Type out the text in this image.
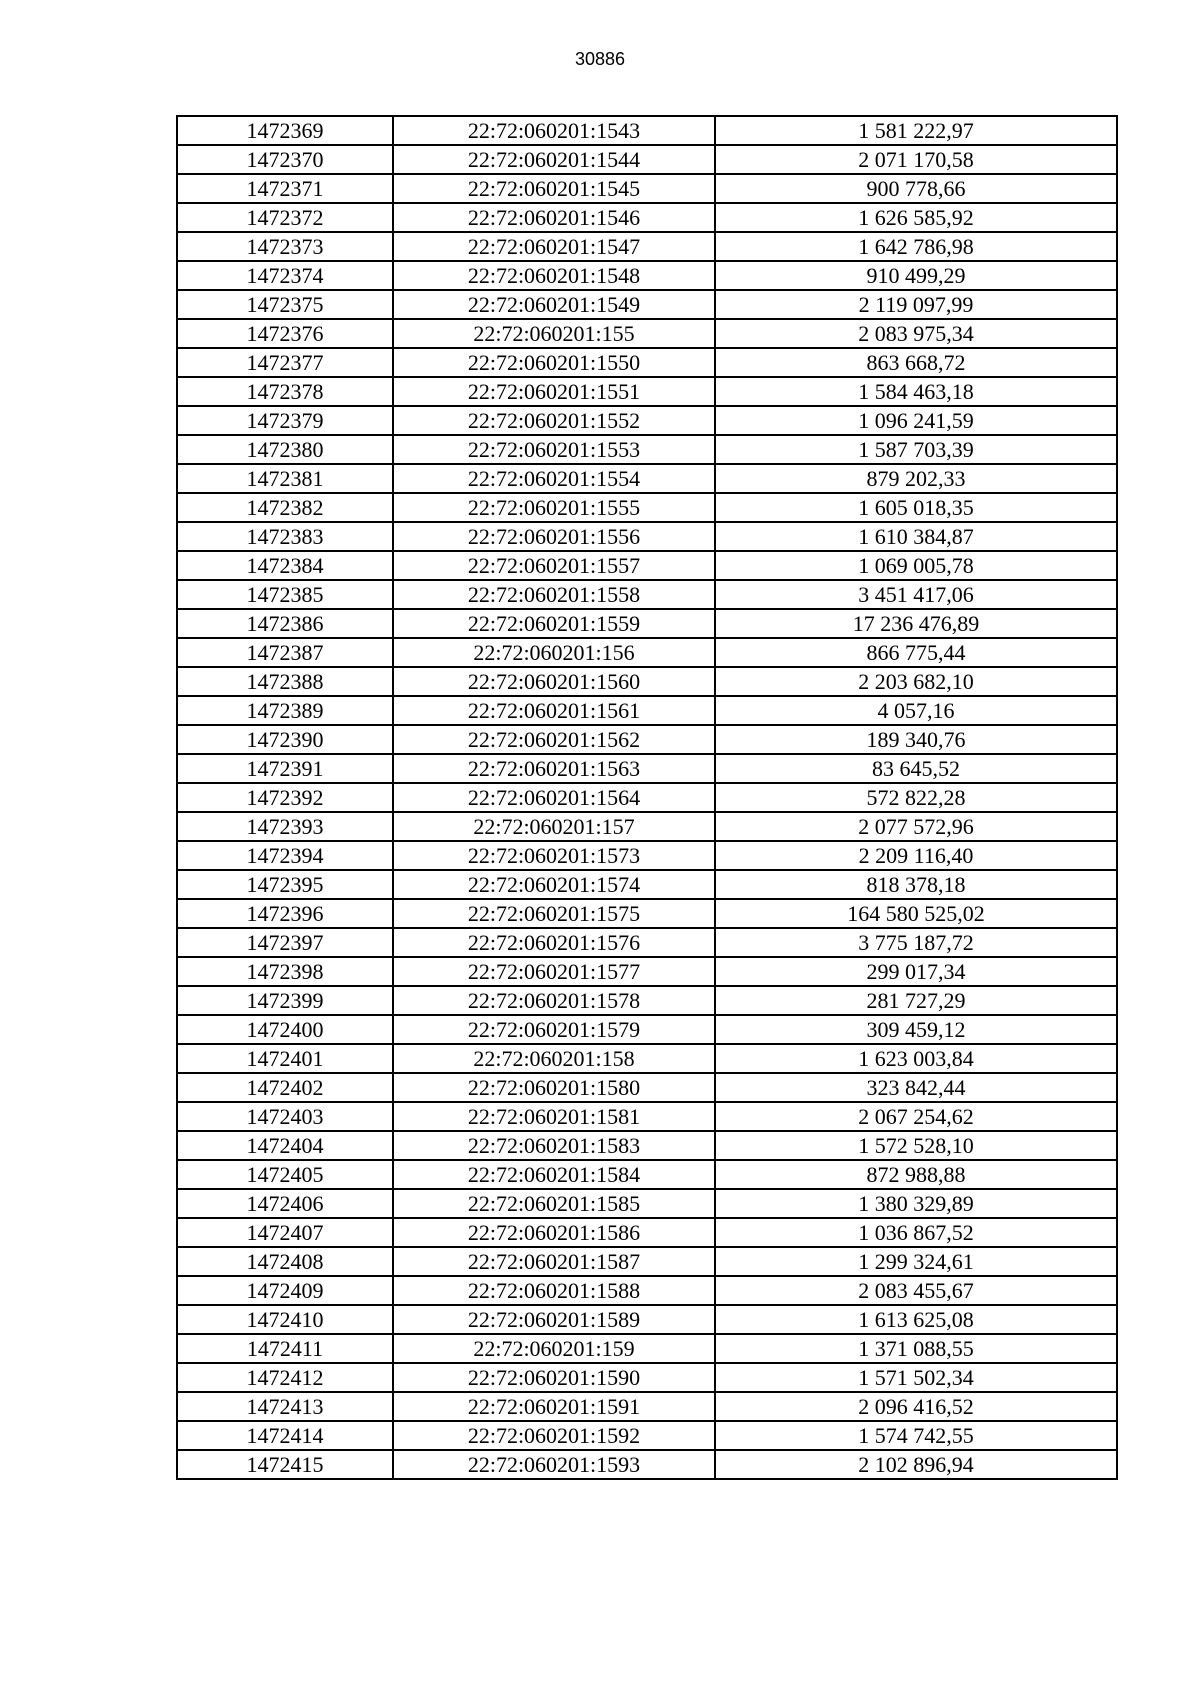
30886
1472369	22:72:060201:1543	1 581 222,97
1472370	22:72:060201:1544	2 071 170,58
1472371	22:72:060201:1545	900 778,66
1472372	22:72:060201:1546	1 626 585,92
1472373	22:72:060201:1547	1 642 786,98
1472374	22:72:060201:1548	910 499,29
1472375	22:72:060201:1549	2 119 097,99
1472376	22:72:060201:155	2 083 975,34
1472377	22:72:060201:1550	863 668,72
1472378	22:72:060201:1551	1 584 463,18
1472379	22:72:060201:1552	1 096 241,59
1472380	22:72:060201:1553	1 587 703,39
1472381	22:72:060201:1554	879 202,33
1472382	22:72:060201:1555	1 605 018,35
1472383	22:72:060201:1556	1 610 384,87
1472384	22:72:060201:1557	1 069 005,78
1472385	22:72:060201:1558	3 451 417,06
1472386	22:72:060201:1559	17 236 476,89
1472387	22:72:060201:156	866 775,44
1472388	22:72:060201:1560	2 203 682,10
1472389	22:72:060201:1561	4 057,16
1472390	22:72:060201:1562	189 340,76
1472391	22:72:060201:1563	83 645,52
1472392	22:72:060201:1564	572 822,28
1472393	22:72:060201:157	2 077 572,96
1472394	22:72:060201:1573	2 209 116,40
1472395	22:72:060201:1574	818 378,18
1472396	22:72:060201:1575	164 580 525,02
1472397	22:72:060201:1576	3 775 187,72
1472398	22:72:060201:1577	299 017,34
1472399	22:72:060201:1578	281 727,29
1472400	22:72:060201:1579	309 459,12
1472401	22:72:060201:158	1 623 003,84
1472402	22:72:060201:1580	323 842,44
1472403	22:72:060201:1581	2 067 254,62
1472404	22:72:060201:1583	1 572 528,10
1472405	22:72:060201:1584	872 988,88
1472406	22:72:060201:1585	1 380 329,89
1472407	22:72:060201:1586	1 036 867,52
1472408	22:72:060201:1587	1 299 324,61
1472409	22:72:060201:1588	2 083 455,67
1472410	22:72:060201:1589	1 613 625,08
1472411	22:72:060201:159	1 371 088,55
1472412	22:72:060201:1590	1 571 502,34
1472413	22:72:060201:1591	2 096 416,52
1472414	22:72:060201:1592	1 574 742,55
1472415	22:72:060201:1593	2 102 896,94
